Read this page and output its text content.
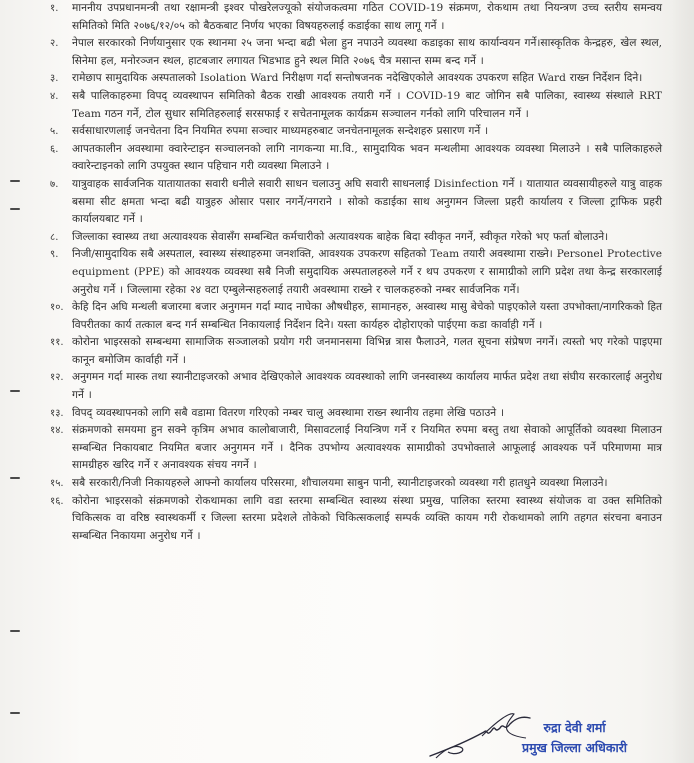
१.	माननीय उपप्रधानमन्त्री तथा रक्षामन्त्री इश्वर पोखरेलज्यूको संयोजकत्वमा गठित COVID-19 संक्रमण, रोकथाम तथा नियन्त्रण उच्च स्तरीय समन्वय समितिको मिति २०७६/१२/०५ को बैठकबाट निर्णय भएका विषयहरुलाई कडाईका साथ लागू गर्ने ।
२.	नेपाल सरकारको निर्णयानुसार एक स्थानमा २५ जना भन्दा बढी भेला हुन नपाउने व्यवस्था कडाइका साथ कार्यान्वयन गर्ने।सास्कृतिक केन्द्रहरु, खेल स्थल, सिनेमा हल, मनोरञ्जन स्थल, हाटबजार लगायत भिडभाड हुने स्थल मिति २०७६ चैत्र मसान्त सम्म बन्द गर्ने ।
३.	रामेछाप सामुदायिक अस्पतालको Isolation Ward निरीक्षण गर्दा सन्तोषजनक नदेखिएकोले आवश्यक उपकरण सहित Ward राख्न निर्देशन दिने।
४.	सबै पालिकाहरुमा विपद् व्यवस्थापन समितिको बैठक राखी आवश्यक तयारी गर्ने । COVID-19 बाट जोगिन सबै पालिका, स्वास्थ्य संस्थाले RRT Team गठन गर्ने, टोल सुधार समितिहरुलाई सरसफाई र सचेतनामूलक कार्यक्रम सञ्चालन गर्नको लागि परिचालन गर्ने ।
५.	सर्वसाधारणलाई जनचेतना दिन नियमित रुपमा सञ्चार माध्यमहरुबाट जनचेतनामूलक सन्देशहरु प्रसारण गर्ने ।
६.	आपतकालीन अवस्थामा क्वारेन्टाइन सञ्चालनको लागि नागकन्या मा.वि., सामुदायिक भवन मन्थलीमा आवश्यक व्यवस्था मिलाउने । सबै पालिकाहरुले क्वारेन्टाइनको लागि उपयुक्त स्थान पहिचान गरी व्यवस्था मिलाउने ।
७.	यात्रुवाहक सार्वजनिक यातायातका सवारी धनीले सवारी साधन चलाउनु अघि सवारी साधनलाई Disinfection गर्ने । यातायात व्यवसायीहरुले यात्रु वाहक बसमा सीट क्षमता भन्दा बढी यात्रुहरु ओसार पसार नगर्ने/नगराने । सोको कडाईका साथ अनुगमन जिल्ला प्रहरी कार्यालय र जिल्ला ट्राफिक प्रहरी कार्यालयबाट गर्ने ।
८.	जिल्लाका स्वास्थ्य तथा अत्यावश्यक सेवासँग सम्बन्धित कर्मचारीको अत्यावश्यक बाहेक बिदा स्वीकृत नगर्ने, स्वीकृत गरेको भए फर्ता बोलाउने।
९.	निजी/सामुदायिक सबै अस्पताल, स्वास्थ्य संस्थाहरुमा जनशक्ति, आवश्यक उपकरण सहितको Team तयारी अवस्थामा राख्ने। Personel Protective equipment (PPE) को आवश्यक व्यवस्था सबै निजी समुदायिक अस्पतालहरुले गर्ने र थप उपकरण र सामाग्रीको लागि प्रदेश तथा केन्द्र सरकारलाई अनुरोध गर्ने । जिल्लामा रहेका २४ वटा एम्बुलेन्सहरुलाई तयारी अवस्थामा राख्ने र चालकहरुको नम्बर सार्वजनिक गर्ने।
१०. केहि दिन अघि मन्थली बजारमा बजार अनुगमन गर्दा म्याद नाघेका औषधीहरु, सामानहरु, अस्वास्थ मासु बेचेको पाइएकोले यस्ता उपभोक्ता/नागरिकको हित विपरीतका कार्य तत्काल बन्द गर्न सम्बन्धित निकायलाई निर्देशन दिने। यस्ता कार्यहरु दोहोराएको पाईएमा कडा कार्वाही गर्ने ।
११. कोरोना भाइरसको सम्बन्धमा सामाजिक सञ्जालको प्रयोग गरी जनमानसमा विभिन्न त्रास फैलाउने, गलत सूचना संप्रेषण नगर्ने। त्यस्तो भए गरेको पाइएमा कानून बमोजिम कार्वाही गर्ने ।
१२. अनुगमन गर्दा मास्क तथा स्यानीटाइजरको अभाव देखिएकोले आवश्यक व्यवस्थाको लागि जनस्वास्थ्य कार्यालय मार्फत प्रदेश तथा संघीय सरकारलाई अनुरोध गर्ने ।
१३. विपद् व्यवस्थापनको लागि सबै वडामा वितरण गरिएको नम्बर चालु अवस्थामा राख्न स्थानीय तहमा लेखि पठाउने ।
१४. संक्रमणको समयमा हुन सक्ने कृत्रिम अभाव कालोबाजारी, मिसावटलाई नियन्त्रिण गर्ने र नियमित रुपमा बस्तु तथा सेवाको आपूर्तिको व्यवस्था मिलाउन सम्बन्धित निकायबाट नियमित बजार अनुगमन गर्ने । दैनिक उपभोग्य अत्यावश्यक सामाग्रीको उपभोक्ताले आफूलाई आवश्यक पर्ने परिमाणमा मात्र सामग्रीहरु खरिद गर्ने र अनावश्यक संचय नगर्ने ।
१५. सबै सरकारी/निजी निकायहरुले आफ्नो कार्यालय परिसरमा, शौचालयमा साबुन पानी, स्यानीटाइजरको व्यवस्था गरी हातधुने व्यवस्था मिलाउने।
१६. कोरोना भाइरसको संक्रमणको रोकथामका लागि वडा स्तरमा सम्बन्धित स्वास्थ्य संस्था प्रमुख, पालिका स्तरमा स्वास्थ्य संयोजक वा उक्त समितिको चिकित्सक वा वरिष्ठ स्वास्थकर्मी र जिल्ला स्तरमा प्रदेशले तोकेको चिकित्सकलाई सम्पर्क व्यक्ति कायम गरी रोकथामको लागि तहगत संरचना बनाउन सम्बन्धित निकायमा अनुरोध गर्ने ।
रुद्रा देवी शर्मा
प्रमुख जिल्ला अधिकारी
